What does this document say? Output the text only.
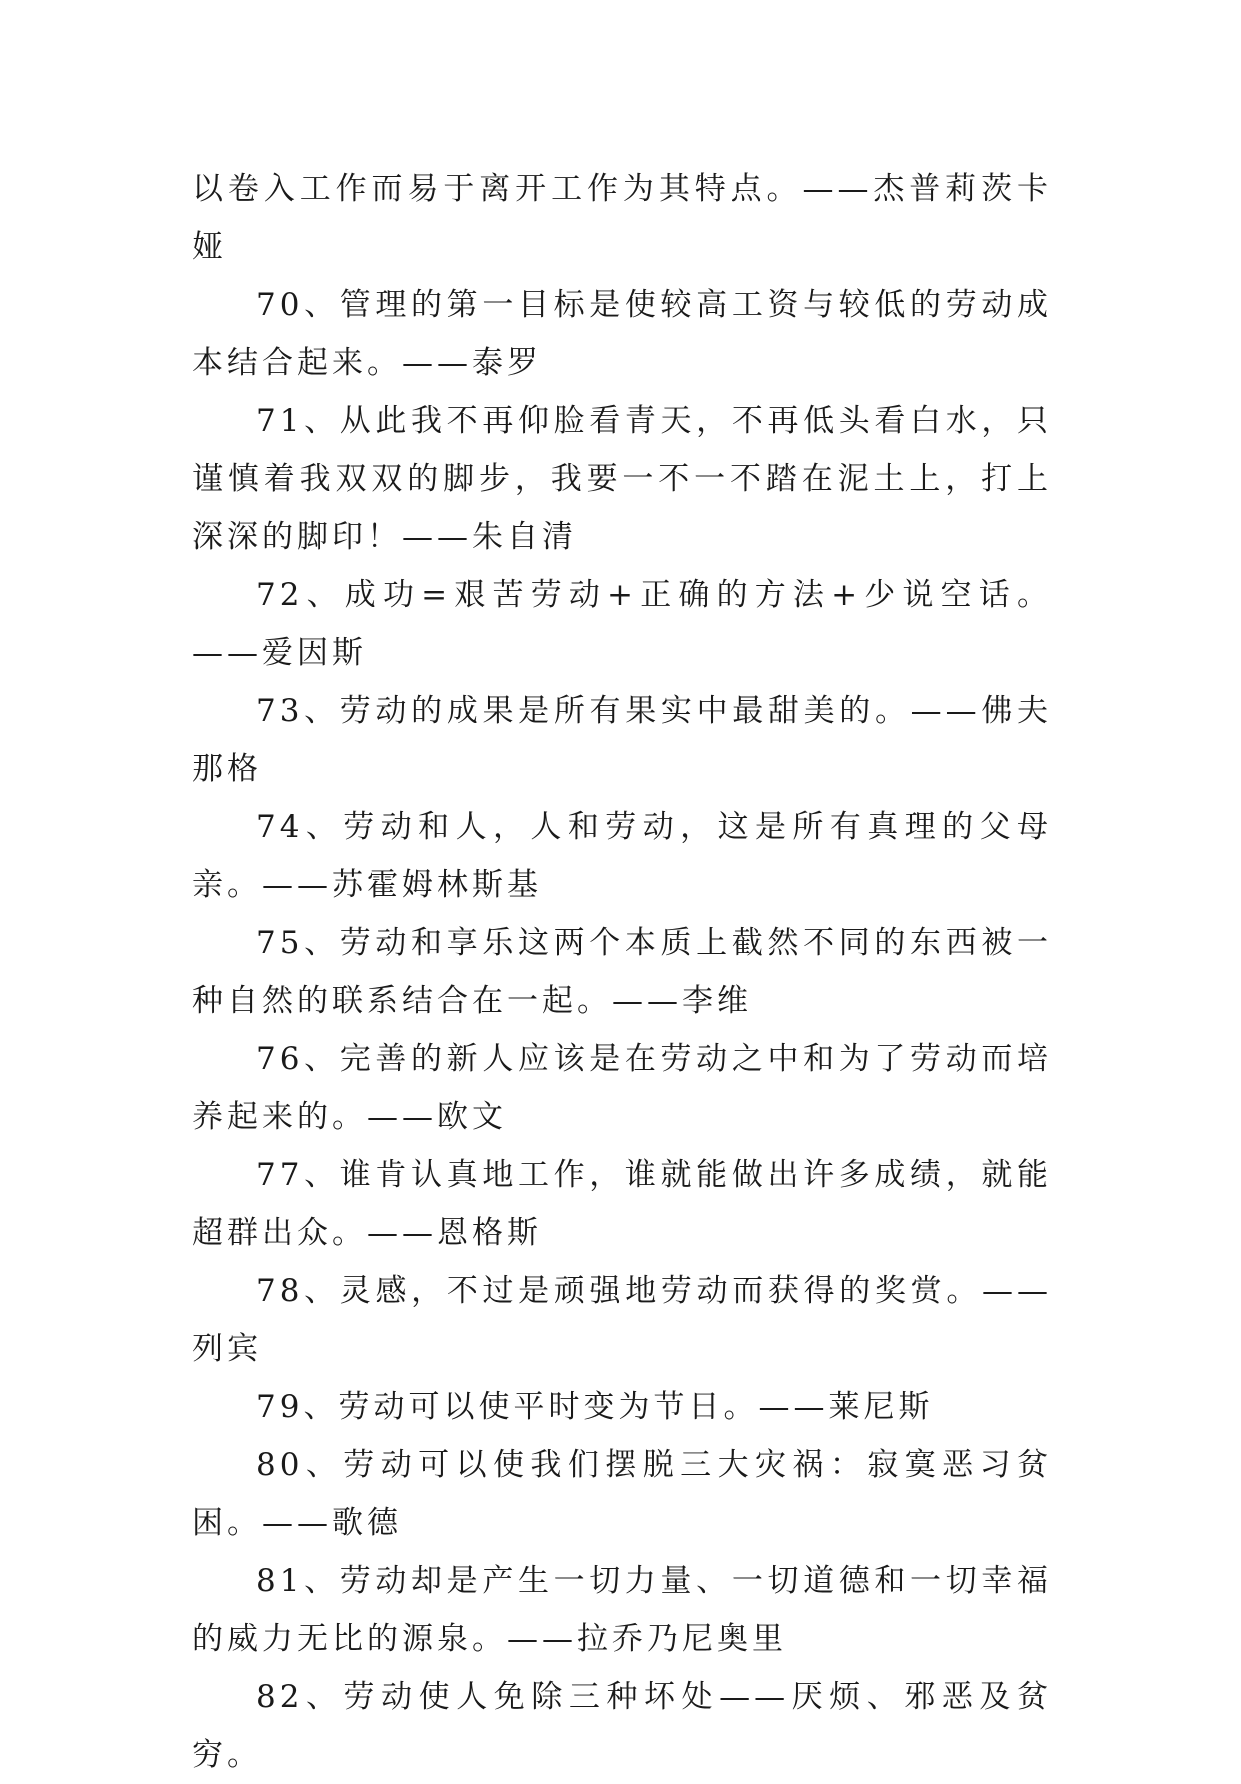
以卷入工作而易于离开工作为其特点。——杰普莉茨卡娅

70、管理的第一目标是使较高工资与较低的劳动成本结合起来。——泰罗

71、从此我不再仰脸看青天，不再低头看白水，只谨慎着我双双的脚步，我要一不一不踏在泥土上，打上深深的脚印！——朱自清

72、成功=艰苦劳动+正确的方法+少说空话。——爱因斯

73、劳动的成果是所有果实中最甜美的。——佛夫那格

74、劳动和人，人和劳动，这是所有真理的父母亲。——苏霍姆林斯基

75、劳动和享乐这两个本质上截然不同的东西被一种自然的联系结合在一起。——李维

76、完善的新人应该是在劳动之中和为了劳动而培养起来的。——欧文

77、谁肯认真地工作，谁就能做出许多成绩，就能超群出众。——恩格斯

78、灵感，不过是顽强地劳动而获得的奖赏。——列宾

79、劳动可以使平时变为节日。——莱尼斯

80、劳动可以使我们摆脱三大灾祸：寂寞恶习贫困。——歌德

81、劳动却是产生一切力量、一切道德和一切幸福的威力无比的源泉。——拉乔乃尼奥里

82、劳动使人免除三种坏处——厌烦、邪恶及贫穷。
